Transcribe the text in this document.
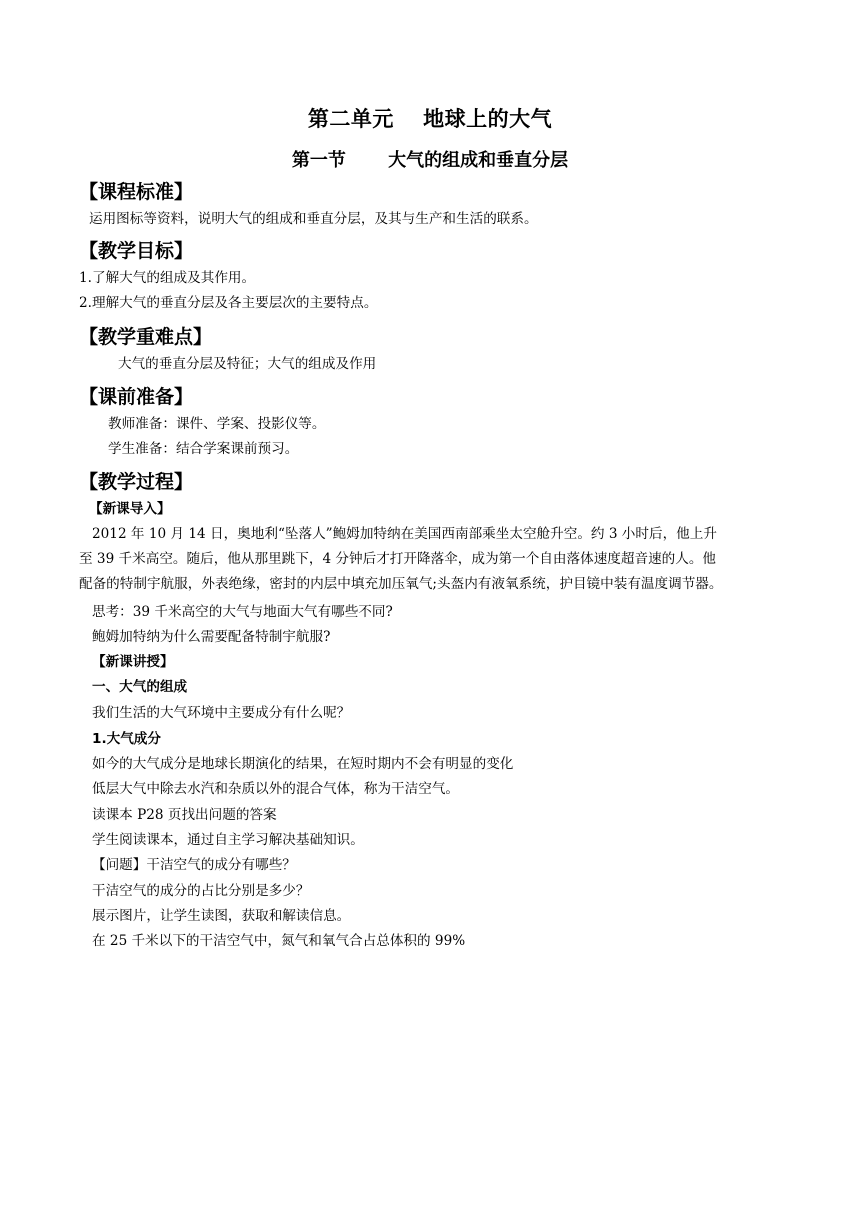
第二单元　 地球上的大气
第一节　 　大气的组成和垂直分层
【课程标准】
运用图标等资料，说明大气的组成和垂直分层，及其与生产和生活的联系。
【教学目标】
1.了解大气的组成及其作用。
2.理解大气的垂直分层及各主要层次的主要特点。
【教学重难点】
大气的垂直分层及特征；大气的组成及作用
【课前准备】
教师准备：课件、学案、投影仪等。
学生准备：结合学案课前预习。
【教学过程】
【新课导入】
2012 年 10 月 14 日，奥地利“坠落人”鲍姆加特纳在美国西南部乘坐太空舱升空。约 3 小时后，他上升
至 39 千米高空。随后，他从那里跳下，4 分钟后才打开降落伞，成为第一个自由落体速度超音速的人。他
配备的特制宇航服，外表绝缘，密封的内层中填充加压氧气;头盔内有液氧系统，护目镜中装有温度调节器。
思考：39 千米高空的大气与地面大气有哪些不同?
鲍姆加特纳为什么需要配备特制宇航服?
【新课讲授】
一、大气的组成
我们生活的大气环境中主要成分有什么呢？
1.大气成分
如今的大气成分是地球长期演化的结果，在短时期内不会有明显的变化
低层大气中除去水汽和杂质以外的混合气体，称为干洁空气。
读课本 P28 页找出问题的答案
学生阅读课本，通过自主学习解决基础知识。
【问题】干洁空气的成分有哪些？
干洁空气的成分的占比分别是多少？
展示图片，让学生读图，获取和解读信息。
在 25 千米以下的干洁空气中，氮气和氧气合占总体积的 99%
